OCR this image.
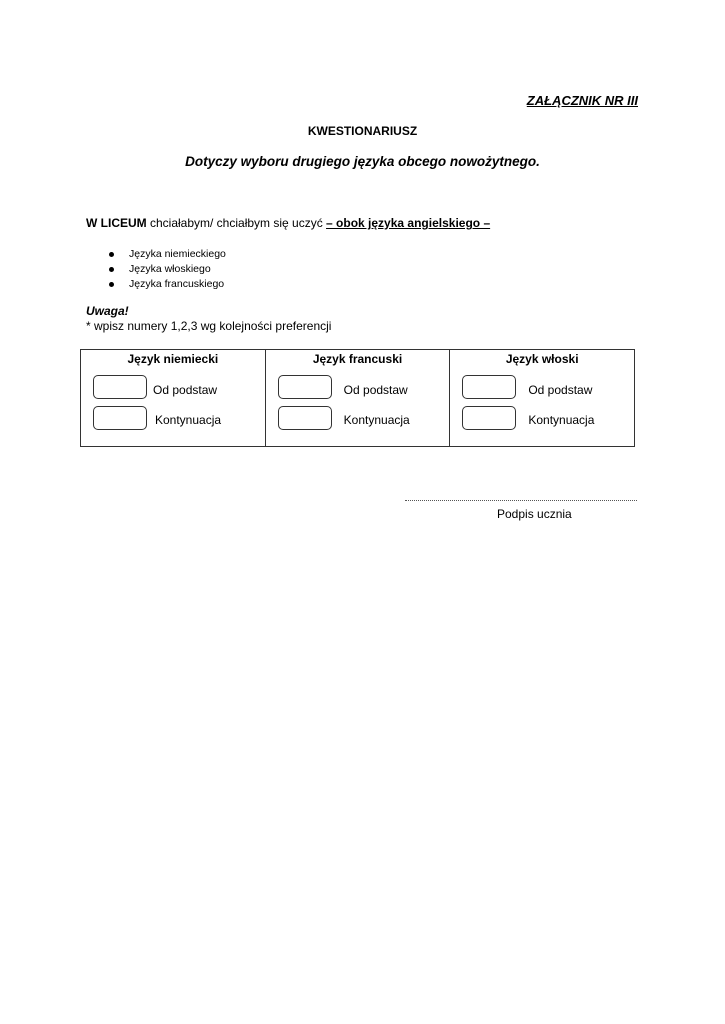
ZAŁĄCZNIK NR III
KWESTIONARIUSZ
Dotyczy wyboru drugiego języka obcego nowożytnego.
W LICEUM chciałabym/ chciałbym się uczyć – obok języka angielskiego –
Języka niemieckiego
Języka włoskiego
Języka francuskiego
Uwaga!
* wpisz numery 1,2,3 wg kolejności preferencji
Język niemiecki
Od podstaw
Kontynuacja
Język francuski
Od podstaw
Kontynuacja
Język włoski
Od podstaw
Kontynuacja
Podpis ucznia
